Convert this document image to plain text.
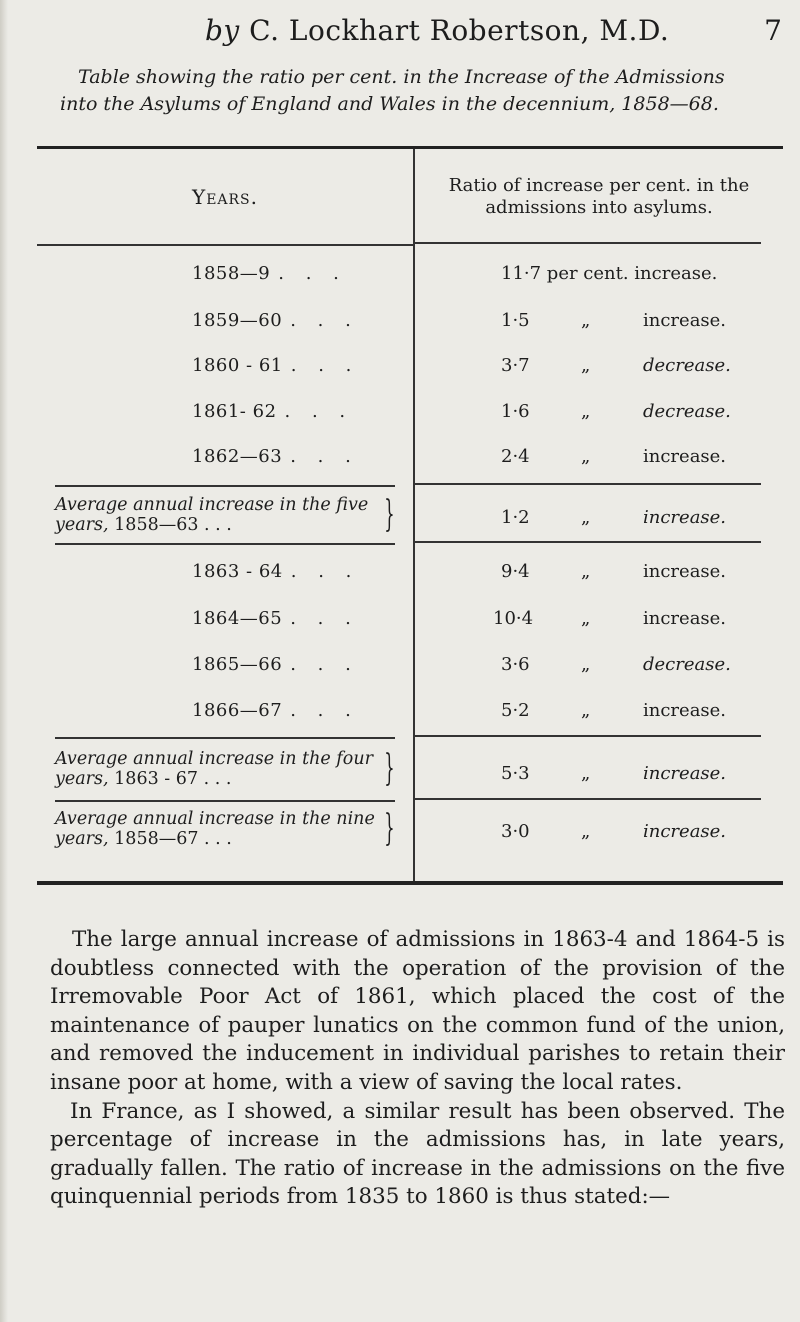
by C. Lockhart Robertson, M.D.	7
Table showing the ratio per cent. in the Increase of the Admissions into the Asylums of England and Wales in the decennium, 1858—68.
Years.	Ratio of increase per cent. in the admissions into asylums.
1858—9 . . .	11·7 per cent. increase.
1859—60 . . .	1·5	„	increase.
1860 - 61 . . .	3·7	„	decrease.
1861- 62 . . .	1·6	„	decrease.
1862—63 . . .	2·4	„	increase.
Average annual increase in the five
years, 1858—63 . . .	}	1·2	„	increase.
1863 - 64 . . .	9·4	„	increase.
1864—65 . . .	10·4	„	increase.
1865—66 . . .	3·6	„	decrease.
1866—67 . . .	5·2	„	increase.
Average annual increase in the four
years, 1863 - 67 . . .	}	5·3	„	increase.
Average annual increase in the nine
years, 1858—67 . . .	}	3·0	„	increase.

The large annual increase of admissions in 1863-4 and 1864-5 is doubtless connected with the operation of the provision of the Irremovable Poor Act of 1861, which placed the cost of the maintenance of pauper lunatics on the common fund of the union, and removed the inducement in individual parishes to retain their insane poor at home, with a view of saving the local rates.

In France, as I showed, a similar result has been observed. The percentage of increase in the admissions has, in late years, gradually fallen. The ratio of increase in the admissions on the five quinquennial periods from 1835 to 1860 is thus stated:—
